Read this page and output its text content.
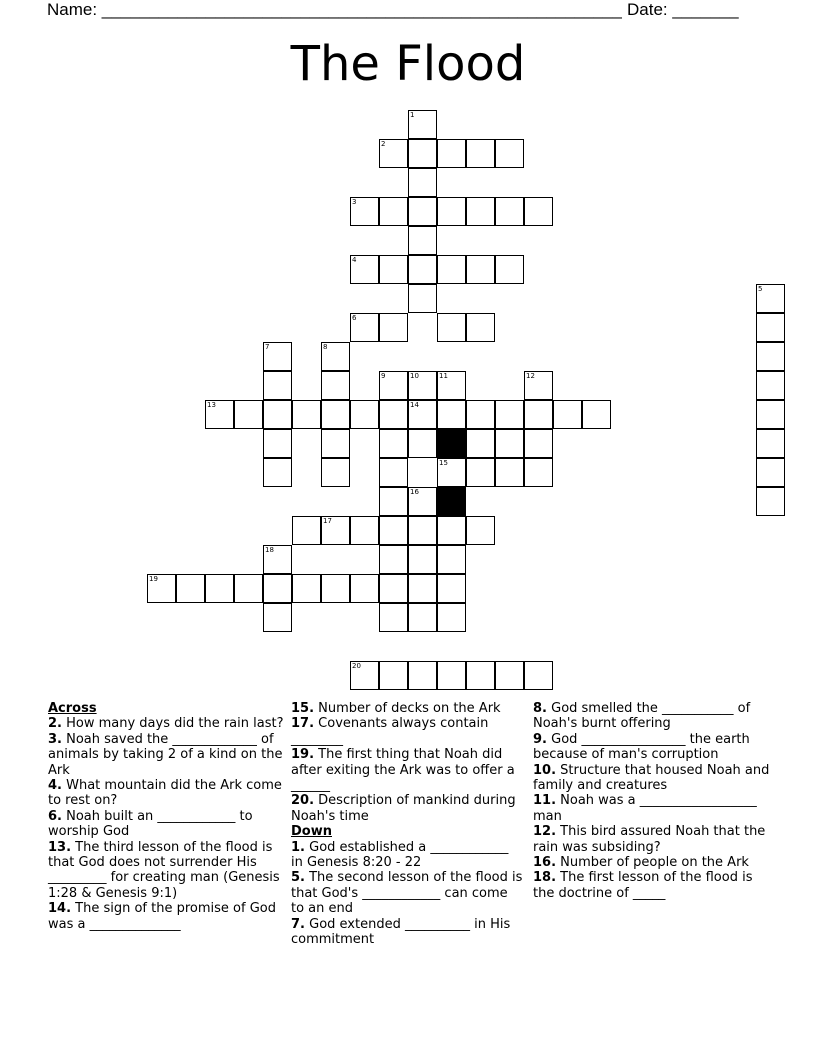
Name: _______________________________________________________ Date: _______
The Flood
1
2
3
4
5
6
7	8
9	10	11	12
13	14
15
16
17
18
19
20
Across
2. How many days did the rain last?
3. Noah saved the _____________ of animals by taking 2 of a kind on the Ark
4. What mountain did the Ark come to rest on?
6. Noah built an ____________ to worship God
13. The third lesson of the flood is that God does not surrender His _________ for creating man (Genesis 1:28 & Genesis 9:1)
14. The sign of the promise of God was a ______________
15. Number of decks on the Ark
17. Covenants always contain ________
19. The first thing that Noah did after exiting the Ark was to offer a ______
20. Description of mankind during Noah's time
Down
1. God established a ____________ in Genesis 8:20 - 22
5. The second lesson of the flood is that God's ____________ can come to an end
7. God extended __________ in His commitment
8. God smelled the ___________ of Noah's burnt offering
9. God ________________ the earth because of man's corruption
10. Structure that housed Noah and family and creatures
11. Noah was a __________________ man
12. This bird assured Noah that the rain was subsiding?
16. Number of people on the Ark
18. The first lesson of the flood is the doctrine of _____
